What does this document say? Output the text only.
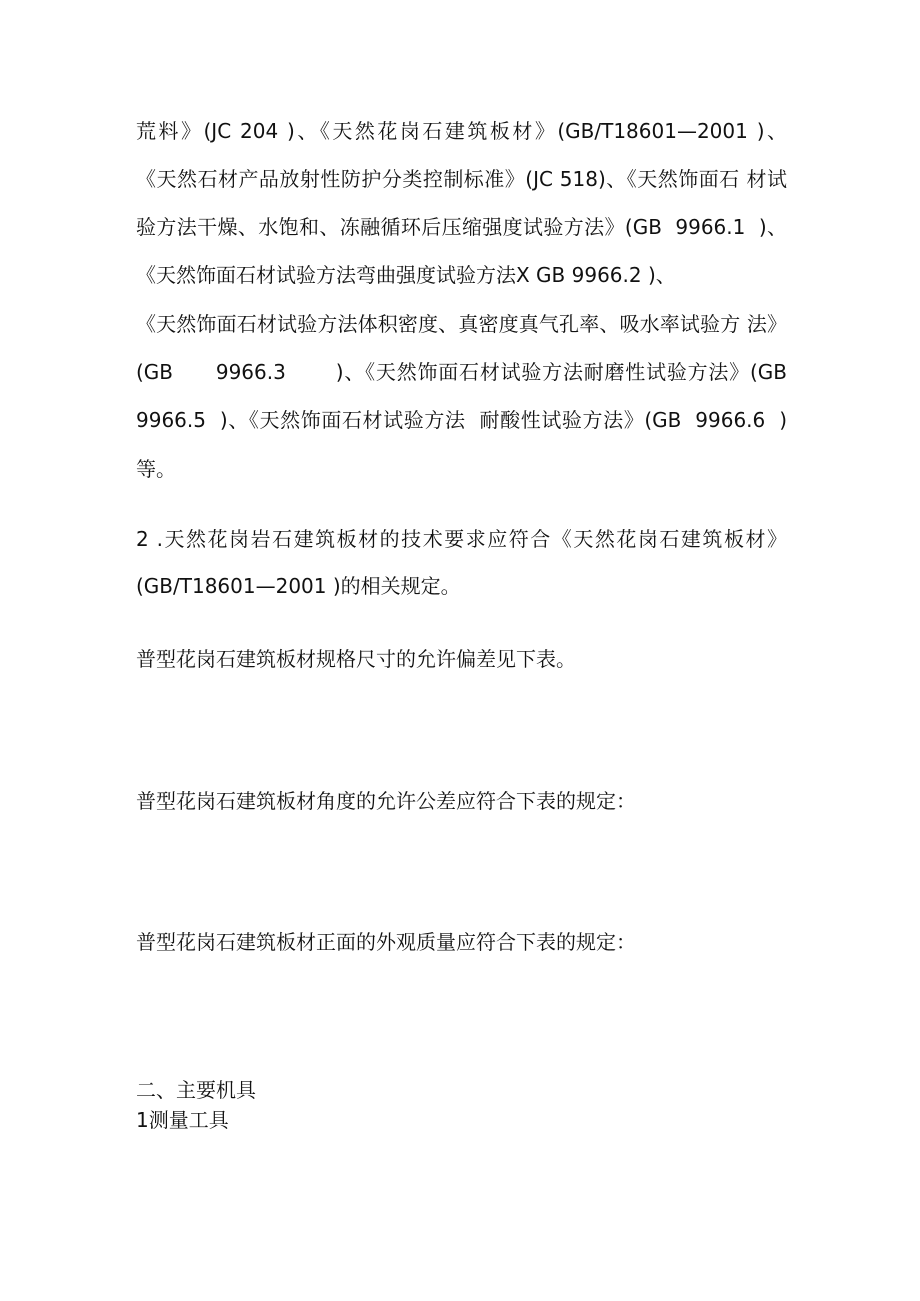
荒料》(JC 204 )、《天然花岗石建筑板材》(GB/T18601—2001 )、

《天然石材产品放射性防护分类控制标准》(JC 518)、《天然饰面石 材试

验方法干燥、水饱和、冻融循环后压缩强度试验方法》(GB  9966.1  )、

《天然饰面石材试验方法弯曲强度试验方法X GB 9966.2 )、

《天然饰面石材试验方法体积密度、真密度真气孔率、吸水率试验方 法》

(GB      9966.3       )、《天然饰面石材试验方法耐磨性试验方法》(GB

9966.5  )、《天然饰面石材试验方法  耐酸性试验方法》(GB  9966.6  )

等。

2 .天然花岗岩石建筑板材的技术要求应符合《天然花岗石建筑板材》

(GB/T18601—2001 )的相关规定。

普型花岗石建筑板材规格尺寸的允许偏差见下表。

普型花岗石建筑板材角度的允许公差应符合下表的规定：

普型花岗石建筑板材正面的外观质量应符合下表的规定：

二、主要机具

1测量工具
